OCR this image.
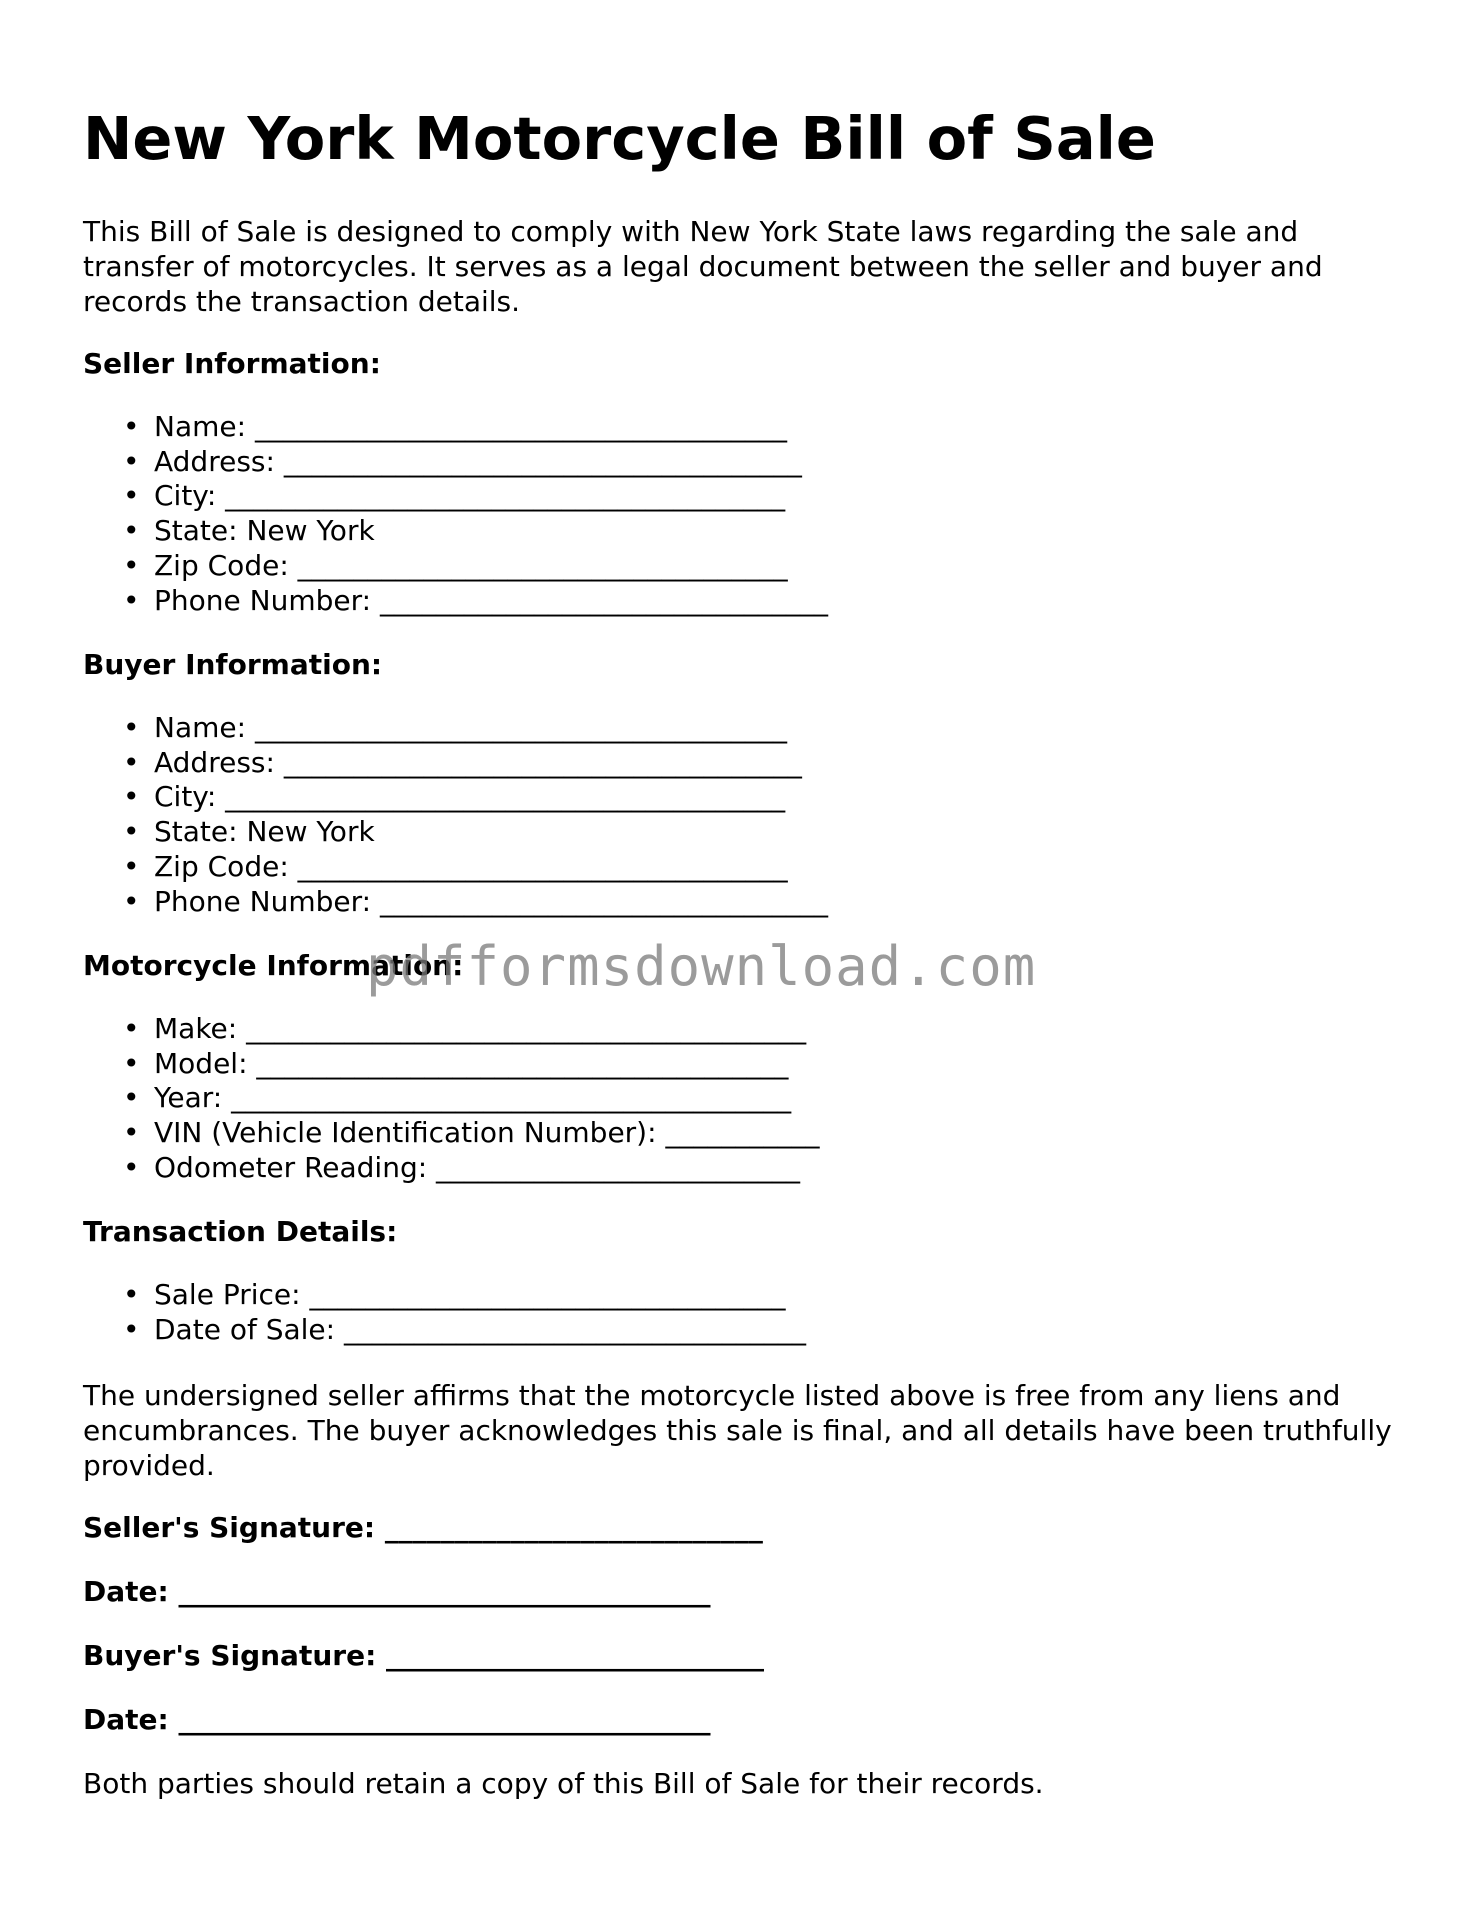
New York Motorcycle Bill of Sale

This Bill of Sale is designed to comply with New York State laws regarding the sale and transfer of motorcycles. It serves as a legal document between the seller and buyer and records the transaction details.

Seller Information:

• Name: ______________________________________
• Address: _____________________________________
• City: ________________________________________
• State: New York
• Zip Code: ___________________________________
• Phone Number: ________________________________

Buyer Information:

• Name: ______________________________________
• Address: _____________________________________
• City: ________________________________________
• State: New York
• Zip Code: ___________________________________
• Phone Number: ________________________________

Motorcycle Information:

• Make: ________________________________________
• Model: ______________________________________
• Year: ________________________________________
• VIN (Vehicle Identification Number): ___________
• Odometer Reading: __________________________

Transaction Details:

• Sale Price: __________________________________
• Date of Sale: _________________________________

The undersigned seller affirms that the motorcycle listed above is free from any liens and encumbrances. The buyer acknowledges this sale is final, and all details have been truthfully provided.

Seller's Signature: ___________________________

Date: ______________________________________

Buyer's Signature: ___________________________

Date: ______________________________________

Both parties should retain a copy of this Bill of Sale for their records.

pdfformsdownload.com
